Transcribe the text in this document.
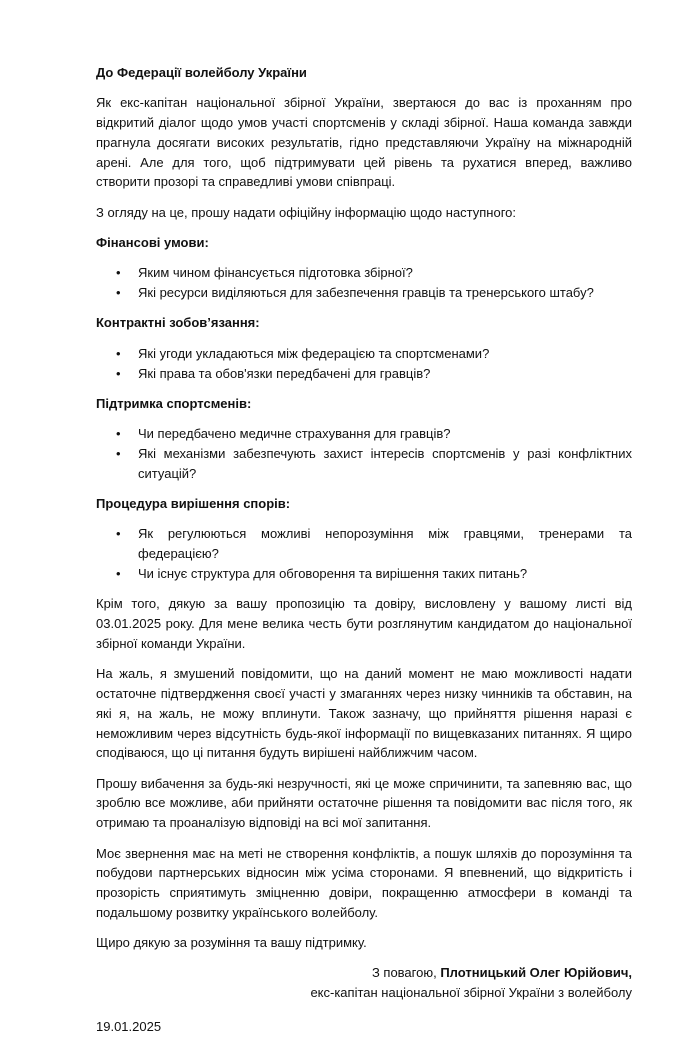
До Федерації волейболу України

Як екс-капітан національної збірної України, звертаюся до вас із проханням про відкритий діалог щодо умов участі спортсменів у складі збірної. Наша команда завжди прагнула досягати високих результатів, гідно представляючи Україну на міжнародній арені. Але для того, щоб підтримувати цей рівень та рухатися вперед, важливо створити прозорі та справедливі умови співпраці.

З огляду на це, прошу надати офіційну інформацію щодо наступного:

Фінансові умови:
• Яким чином фінансується підготовка збірної?
• Які ресурси виділяються для забезпечення гравців та тренерського штабу?
Контрактні зобов’язання:
• Які угоди укладаються між федерацією та спортсменами?
• Які права та обов'язки передбачені для гравців?
Підтримка спортсменів:
• Чи передбачено медичне страхування для гравців?
• Які механізми забезпечують захист інтересів спортсменів у разі конфліктних ситуацій?
Процедура вирішення спорів:
• Як регулюються можливі непорозуміння між гравцями, тренерами та федерацією?
• Чи існує структура для обговорення та вирішення таких питань?

Крім того, дякую за вашу пропозицію та довіру, висловлену у вашому листі від 03.01.2025 року. Для мене велика честь бути розглянутим кандидатом до національної збірної команди України.

На жаль, я змушений повідомити, що на даний момент не маю можливості надати остаточне підтвердження своєї участі у змаганнях через низку чинників та обставин, на які я, на жаль, не можу вплинути. Також зазначу, що прийняття рішення наразі є неможливим через відсутність будь-якої інформації по вищевказаних питаннях. Я щиро сподіваюся, що ці питання будуть вирішені найближчим часом.

Прошу вибачення за будь-які незручності, які це може спричинити, та запевняю вас, що зроблю все можливе, аби прийняти остаточне рішення та повідомити вас після того, як отримаю та проаналізую відповіді на всі мої запитання.

Моє звернення має на меті не створення конфліктів, а пошук шляхів до порозуміння та побудови партнерських відносин між усіма сторонами. Я впевнений, що відкритість і прозорість сприятимуть зміцненню довіри, покращенню атмосфери в команді та подальшому розвитку українського волейболу.

Щиро дякую за розуміння та вашу підтримку.

З повагою, Плотницький Олег Юрійович,
екс-капітан національної збірної України з волейболу
19.01.2025
